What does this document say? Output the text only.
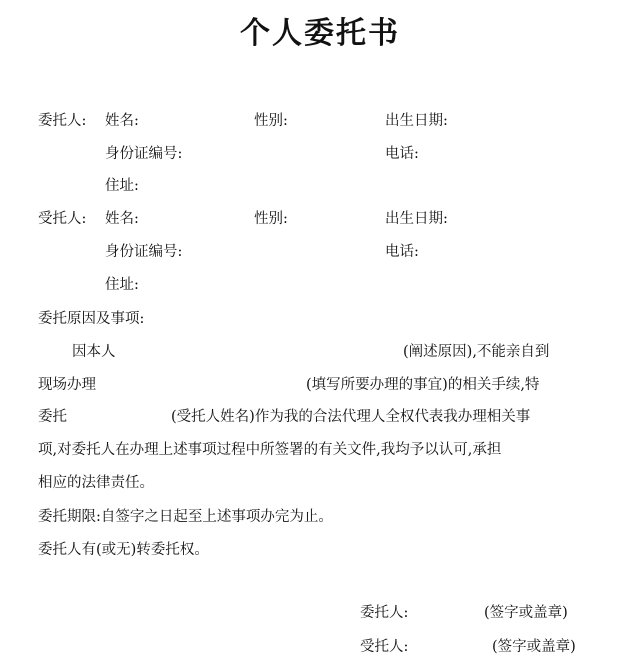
个人委托书
委托人: 姓名:	性别:	出生日期:
身份证编号:	电话:
住址:
受托人: 姓名:	性别:	出生日期:
身份证编号:	电话:
住址:
委托原因及事项:
因本人	(阐述原因),不能亲自到
现场办理	(填写所要办理的事宜)的相关手续,特
委托	(受托人姓名)作为我的合法代理人全权代表我办理相关事
项,对委托人在办理上述事项过程中所签署的有关文件,我均予以认可,承担
相应的法律责任。
委托期限:自签字之日起至上述事项办完为止。
委托人有(或无)转委托权。
委托人:	(签字或盖章)
受托人:	(签字或盖章)
